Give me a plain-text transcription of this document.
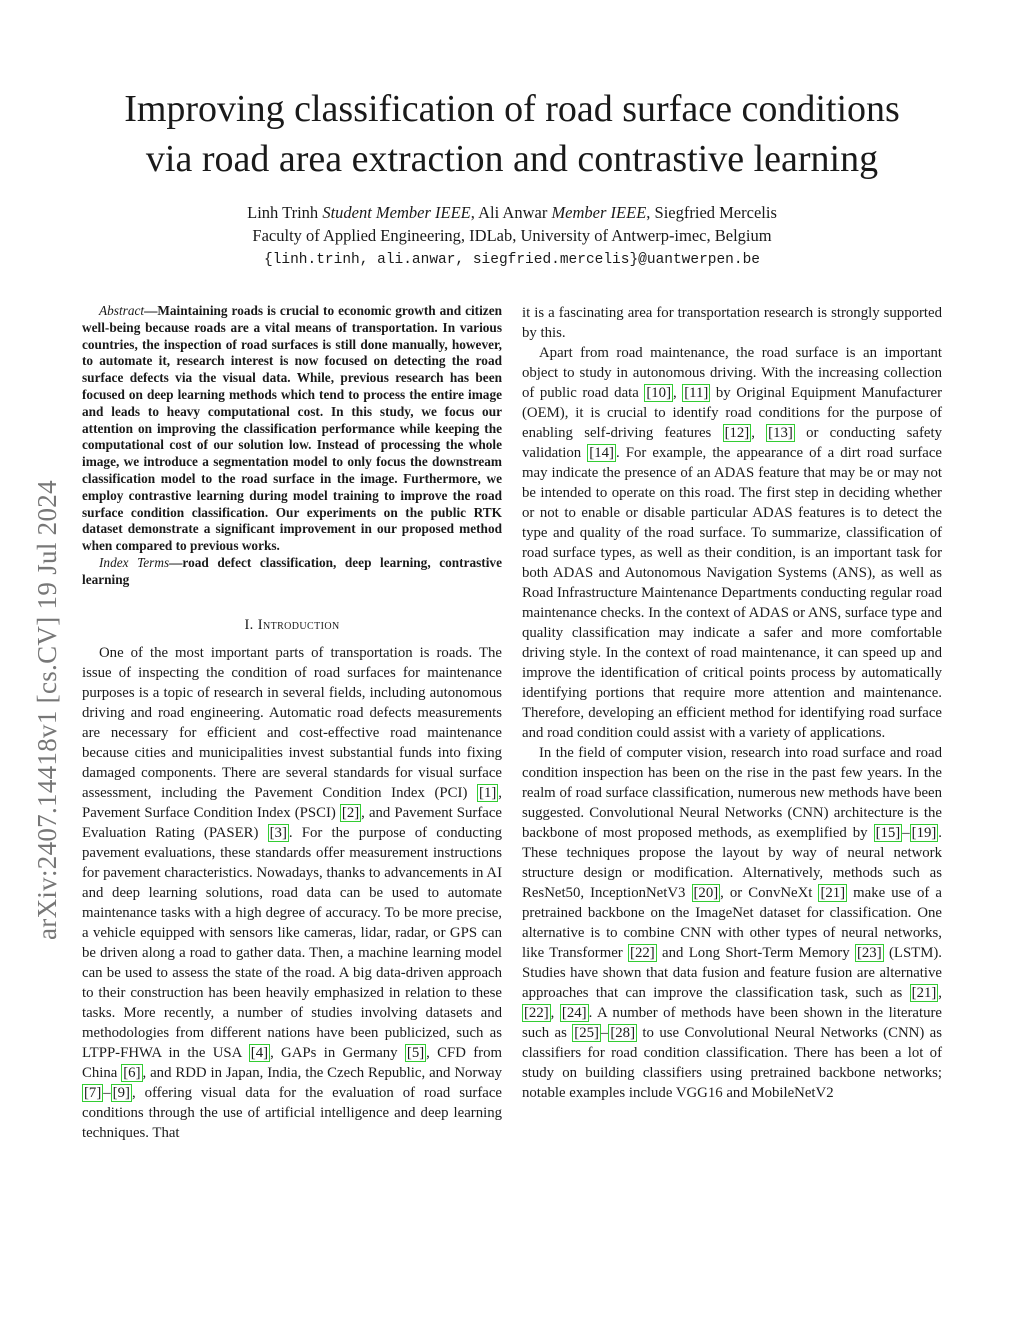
arXiv:2407.14418v1 [cs.CV] 19 Jul 2024
Improving classification of road surface conditions
via road area extraction and contrastive learning
Linh Trinh Student Member IEEE, Ali Anwar Member IEEE, Siegfried Mercelis
Faculty of Applied Engineering, IDLab, University of Antwerp-imec, Belgium
{linh.trinh, ali.anwar, siegfried.mercelis}@uantwerpen.be

Abstract—Maintaining roads is crucial to economic growth and citizen well-being because roads are a vital means of transportation. In various countries, the inspection of road surfaces is still done manually, however, to automate it, research interest is now focused on detecting the road surface defects via the visual data. While, previous research has been focused on deep learning methods which tend to process the entire image and leads to heavy computational cost. In this study, we focus our attention on improving the classification performance while keeping the computational cost of our solution low. Instead of processing the whole image, we introduce a segmentation model to only focus the downstream classification model to the road surface in the image. Furthermore, we employ contrastive learning during model training to improve the road surface condition classification. Our experiments on the public RTK dataset demonstrate a significant improvement in our proposed method when compared to previous works.

Index Terms—road defect classification, deep learning, contrastive learning

I. Introduction

One of the most important parts of transportation is roads. The issue of inspecting the condition of road surfaces for maintenance purposes is a topic of research in several fields, including autonomous driving and road engineering. Automatic road defects measurements are necessary for efficient and cost-effective road maintenance because cities and municipalities invest substantial funds into fixing damaged components. There are several standards for visual surface assessment, including the Pavement Condition Index (PCI) [1] , Pavement Surface Condition Index (PSCI) [2] , and Pavement Surface Evaluation Rating (PASER) [3] . For the purpose of conducting pavement evaluations, these standards offer measurement instructions for pavement characteristics. Nowadays, thanks to advancements in AI and deep learning solutions, road data can be used to automate maintenance tasks with a high degree of accuracy. To be more precise, a vehicle equipped with sensors like cameras, lidar, radar, or GPS can be driven along a road to gather data. Then, a machine learning model can be used to assess the state of the road. A big data-driven approach to their construction has been heavily emphasized in relation to these tasks. More recently, a number of studies involving datasets and methodologies from different nations have been publicized, such as LTPP-FHWA in the USA [4] , GAPs in Germany [5] , CFD from China [6] , and RDD in Japan, India, the Czech Republic, and Norway [7] – [9] , offering visual data for the evaluation of road surface conditions through the use of artificial intelligence and deep learning techniques. That

it is a fascinating area for transportation research is strongly supported by this.

Apart from road maintenance, the road surface is an important object to study in autonomous driving. With the increasing collection of public road data [10] , [11] by Original Equipment Manufacturer (OEM), it is crucial to identify road conditions for the purpose of enabling self-driving features [12] , [13] or conducting safety validation [14] . For example, the appearance of a dirt road surface may indicate the presence of an ADAS feature that may be or may not be intended to operate on this road. The first step in deciding whether or not to enable or disable particular ADAS features is to detect the type and quality of the road surface. To summarize, classification of road surface types, as well as their condition, is an important task for both ADAS and Autonomous Navigation Systems (ANS), as well as Road Infrastructure Maintenance Departments conducting regular road maintenance checks. In the context of ADAS or ANS, surface type and quality classification may indicate a safer and more comfortable driving style. In the context of road maintenance, it can speed up and improve the identification of critical points process by automatically identifying portions that require more attention and maintenance. Therefore, developing an efficient method for identifying road surface and road condition could assist with a variety of applications.

In the field of computer vision, research into road surface and road condition inspection has been on the rise in the past few years. In the realm of road surface classification, numerous new methods have been suggested. Convolutional Neural Networks (CNN) architecture is the backbone of most proposed methods, as exemplified by [15] – [19] . These techniques propose the layout by way of neural network structure design or modification. Alternatively, methods such as ResNet50, InceptionNetV3 [20] , or ConvNeXt [21] make use of a pretrained backbone on the ImageNet dataset for classification. One alternative is to combine CNN with other types of neural networks, like Transformer [22] and Long Short-Term Memory [23] (LSTM). Studies have shown that data fusion and feature fusion are alternative approaches that can improve the classification task, such as [21] , [22] , [24] . A number of methods have been shown in the literature such as [25] – [28] to use Convolutional Neural Networks (CNN) as classifiers for road condition classification. There has been a lot of study on building classifiers using pretrained backbone networks; notable examples include VGG16 and MobileNetV2
